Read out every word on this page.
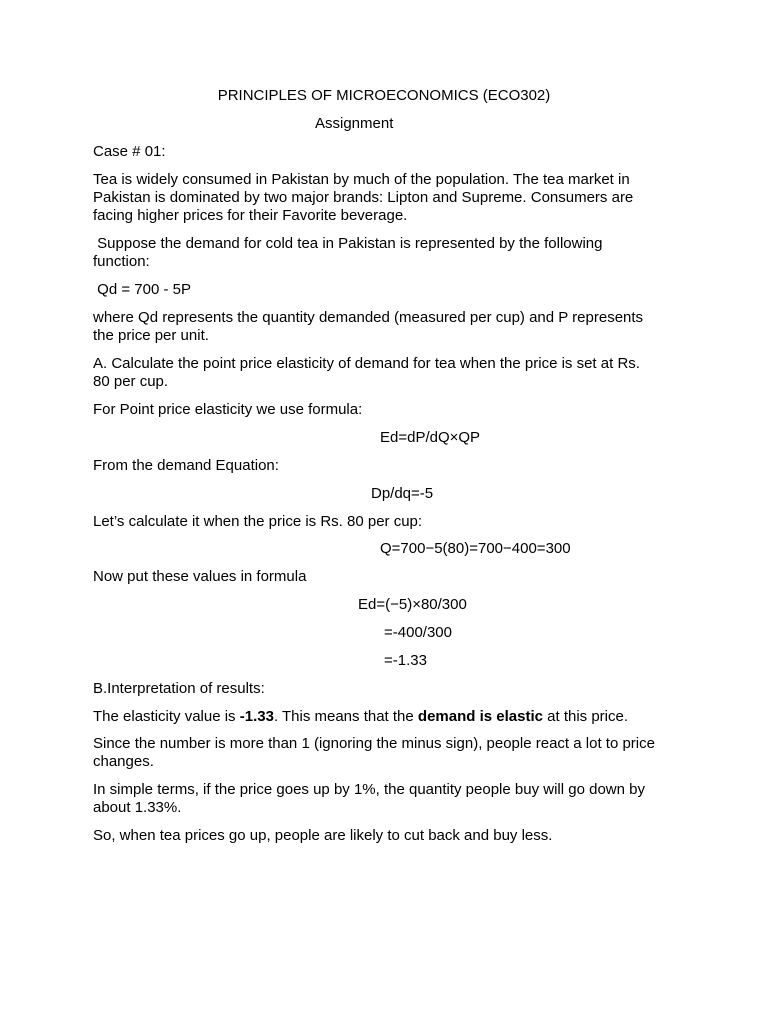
PRINCIPLES OF MICROECONOMICS (ECO302)

Assignment

Case # 01:

Tea is widely consumed in Pakistan by much of the population. The tea market in

Pakistan is dominated by two major brands: Lipton and Supreme. Consumers are

facing higher prices for their Favorite beverage.

Suppose the demand for cold tea in Pakistan is represented by the following

function:

Qd = 700 - 5P

where Qd represents the quantity demanded (measured per cup) and P represents

the price per unit.

A. Calculate the point price elasticity of demand for tea when the price is set at Rs.

80 per cup.

For Point price elasticity we use formula:

Ed=dP/dQ×QP

From the demand Equation:

Dp/dq=-5

Let’s calculate it when the price is Rs. 80 per cup:

Q=700−5(80)=700−400=300

Now put these values in formula

Ed=(−5)×80/300

=-400/300

=-1.33

B.Interpretation of results:

The elasticity value is -1.33. This means that the demand is elastic at this price.

Since the number is more than 1 (ignoring the minus sign), people react a lot to price

changes.

In simple terms, if the price goes up by 1%, the quantity people buy will go down by

about 1.33%.

So, when tea prices go up, people are likely to cut back and buy less.
